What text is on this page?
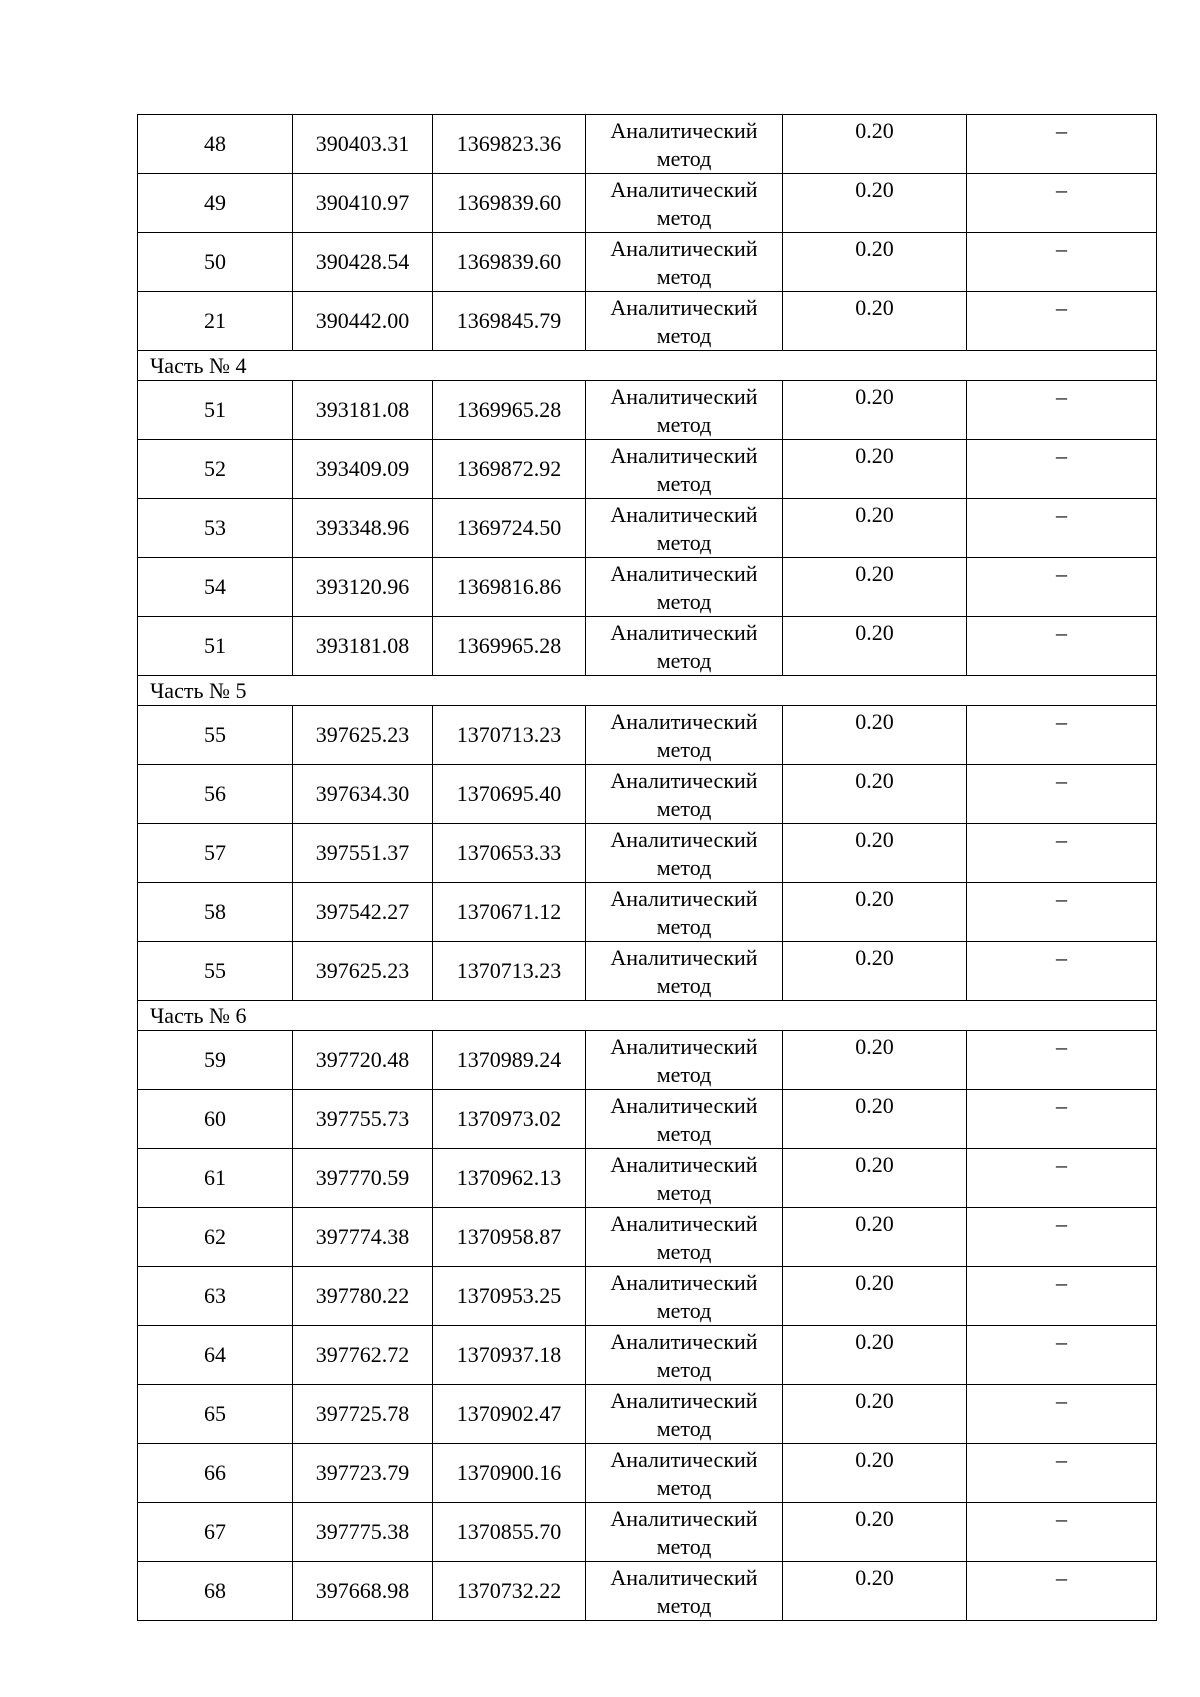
48	390403.31	1369823.36	Аналитический метод	0.20	–
49	390410.97	1369839.60	Аналитический метод	0.20	–
50	390428.54	1369839.60	Аналитический метод	0.20	–
21	390442.00	1369845.79	Аналитический метод	0.20	–
Часть № 4					
51	393181.08	1369965.28	Аналитический метод	0.20	–
52	393409.09	1369872.92	Аналитический метод	0.20	–
53	393348.96	1369724.50	Аналитический метод	0.20	–
54	393120.96	1369816.86	Аналитический метод	0.20	–
51	393181.08	1369965.28	Аналитический метод	0.20	–
Часть № 5					
55	397625.23	1370713.23	Аналитический метод	0.20	–
56	397634.30	1370695.40	Аналитический метод	0.20	–
57	397551.37	1370653.33	Аналитический метод	0.20	–
58	397542.27	1370671.12	Аналитический метод	0.20	–
55	397625.23	1370713.23	Аналитический метод	0.20	–
Часть № 6					
59	397720.48	1370989.24	Аналитический метод	0.20	–
60	397755.73	1370973.02	Аналитический метод	0.20	–
61	397770.59	1370962.13	Аналитический метод	0.20	–
62	397774.38	1370958.87	Аналитический метод	0.20	–
63	397780.22	1370953.25	Аналитический метод	0.20	–
64	397762.72	1370937.18	Аналитический метод	0.20	–
65	397725.78	1370902.47	Аналитический метод	0.20	–
66	397723.79	1370900.16	Аналитический метод	0.20	–
67	397775.38	1370855.70	Аналитический метод	0.20	–
68	397668.98	1370732.22	Аналитический метод	0.20	–
